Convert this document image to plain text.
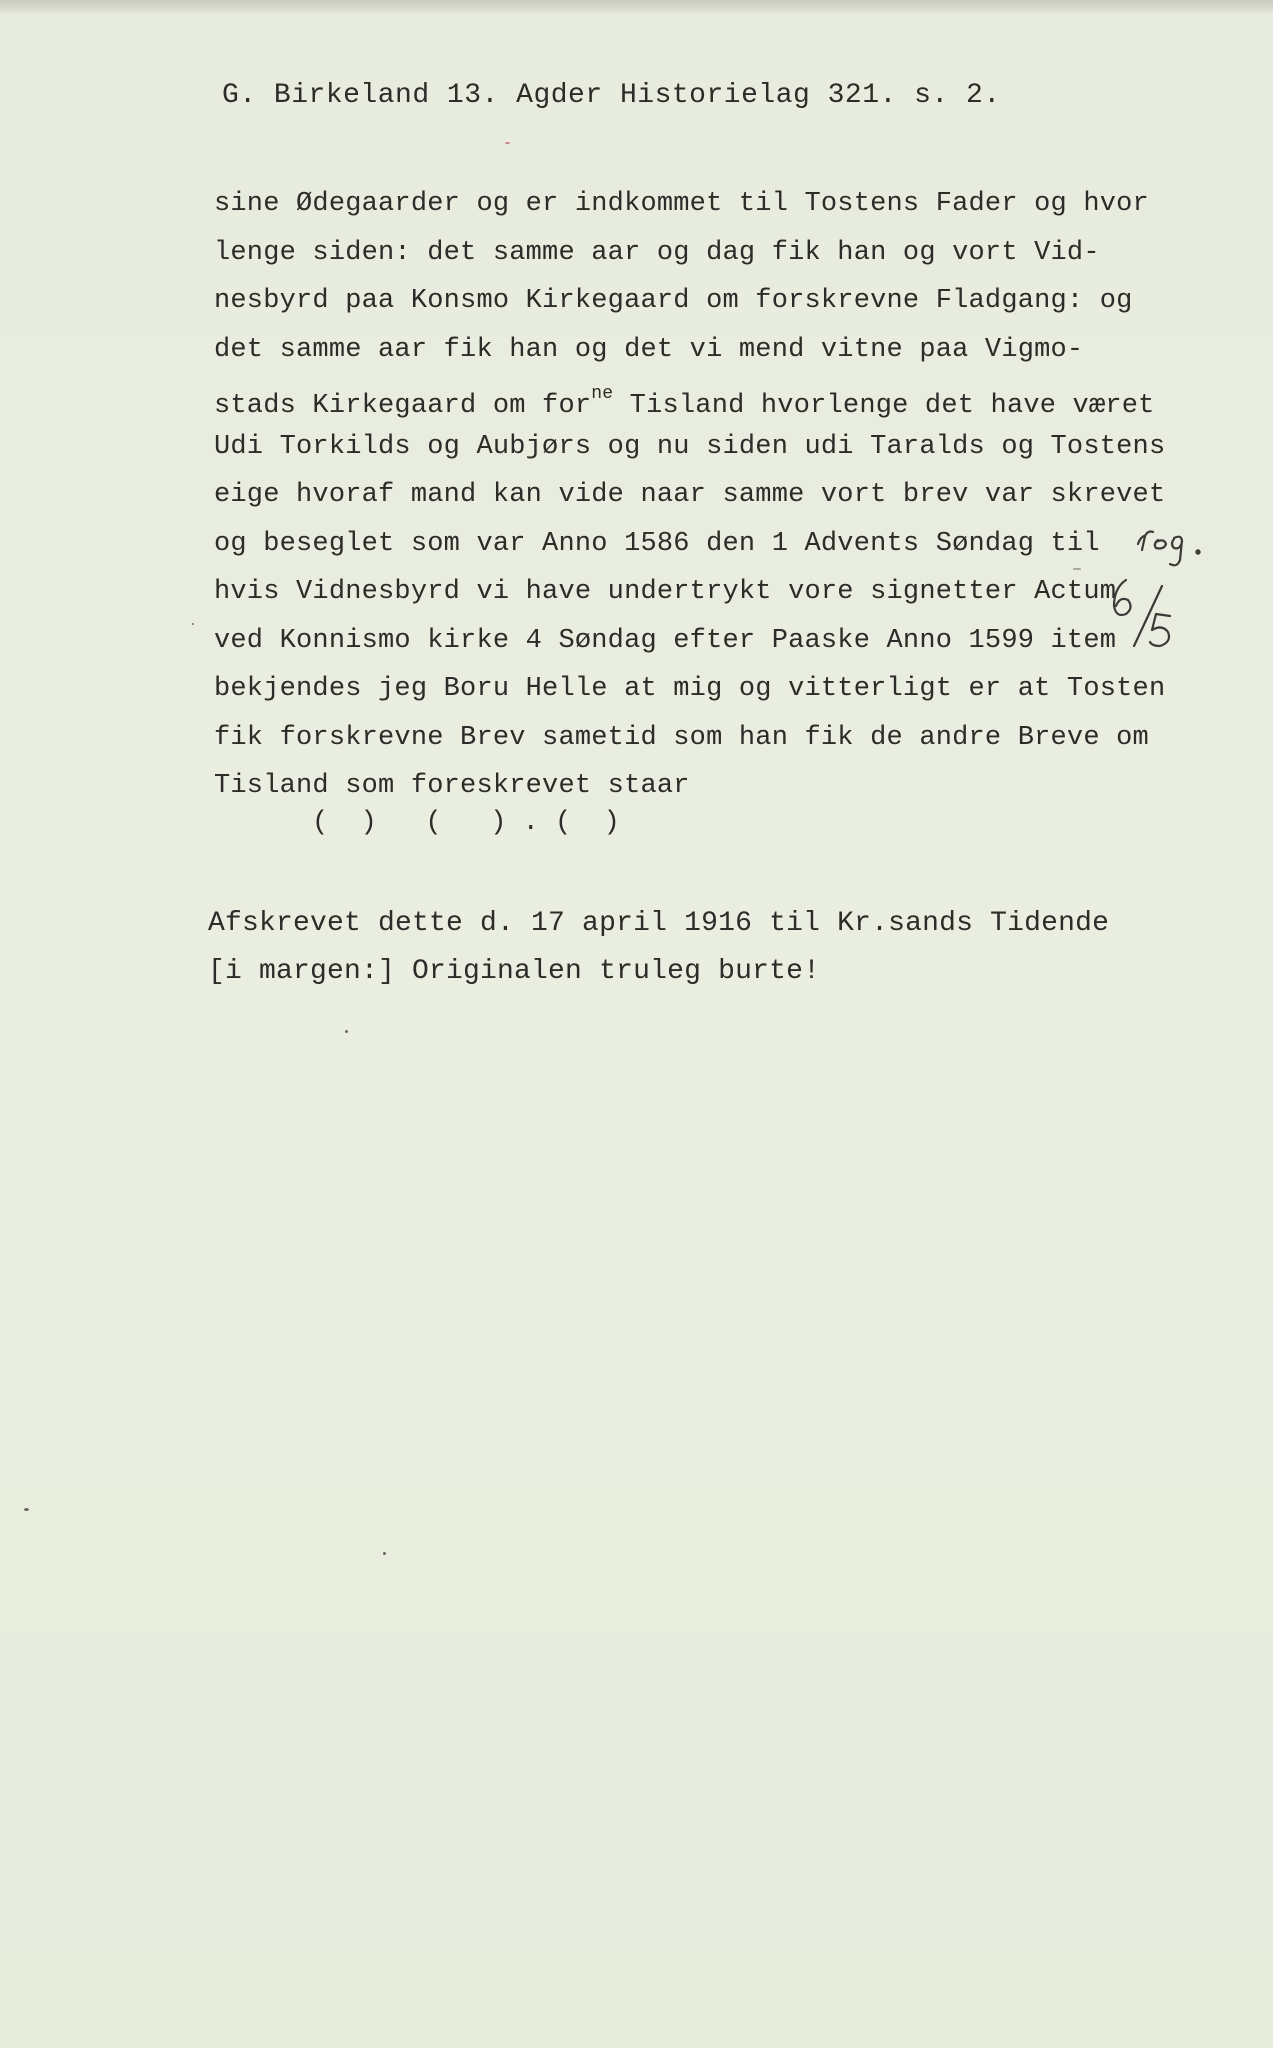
G. Birkeland 13. Agder Historielag 321. s. 2.
sine Ødegaarder og er indkommet til Tostens Fader og hvor
lenge siden: det samme aar og dag fik han og vort Vid-
nesbyrd paa Konsmo Kirkegaard om forskrevne Fladgang: og
det samme aar fik han og det vi mend vitne paa Vigmo-
stads Kirkegaard om for$^{ne}$ Tisland hvorlenge det have været
Udi Torkilds og Aubjørs og nu siden udi Taralds og Tostens
eige hvoraf mand kan vide naar samme vort brev var skrevet
og beseglet som var Anno 1586 den 1 Advents Søndag til
hvis Vidnesbyrd vi have undertrykt vore signetter Actum
ved Konnismo kirke 4 Søndag efter Paaske Anno 1599 item
bekjendes jeg Boru Helle at mig og vitterligt er at Tosten
fik forskrevne Brev sametid som han fik de andre Breve om
Tisland som foreskrevet staar
(  )   (   ) . (  )
Afskrevet dette d. 17 april 1916 til Kr.sands Tidende
[i margen:] Originalen truleg burte!
